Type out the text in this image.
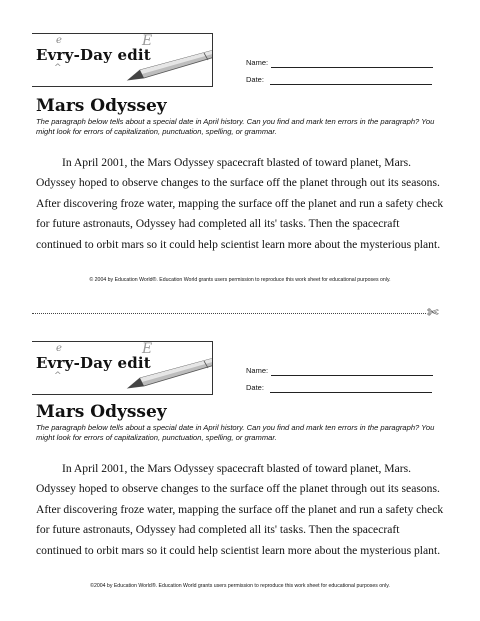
e
Evry-Day edit
^
E
Name:
Date:
Mars Odyssey

The paragraph below tells about a special date in April history. Can you find and mark ten errors in the paragraph? You might look for errors of capitalization, punctuation, spelling, or grammar.

In April 2001, the Mars Odyssey spacecraft blasted of toward planet, Mars. Odyssey hoped to observe changes to the surface off the planet through out its seasons. After discovering froze water, mapping the surface off the planet and run a safety check for future astronauts, Odyssey had completed all its' tasks. Then the spacecraft continued to orbit mars so it could help scientist learn more about the mysterious plant.

© 2004 by Education World®. Education World grants users permission to reproduce this work sheet for educational purposes only.

✄
e
Evry-Day edit
^
E
Name:
Date:
Mars Odyssey

The paragraph below tells about a special date in April history. Can you find and mark ten errors in the paragraph? You might look for errors of capitalization, punctuation, spelling, or grammar.

In April 2001, the Mars Odyssey spacecraft blasted of toward planet, Mars. Odyssey hoped to observe changes to the surface off the planet through out its seasons. After discovering froze water, mapping the surface off the planet and run a safety check for future astronauts, Odyssey had completed all its' tasks. Then the spacecraft continued to orbit mars so it could help scientist learn more about the mysterious plant.

©2004 by Education World®. Education World grants users permission to reproduce this work sheet for educational purposes only.
